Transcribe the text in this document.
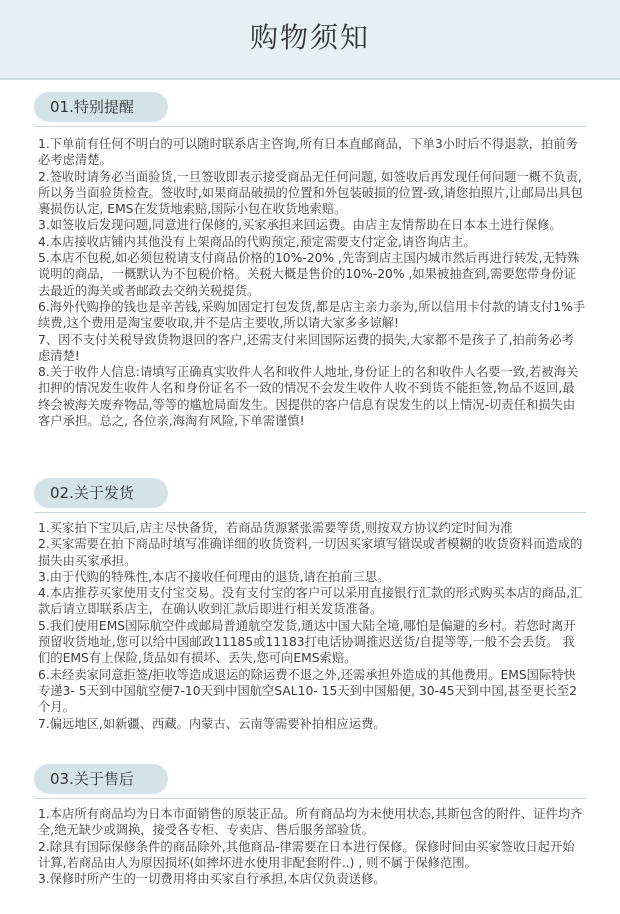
购物须知
01.特别提醒

1.下单前有任何不明白的可以随时联系店主咨询,所有日本直邮商品，下单3小时后不得退款，拍前务必考虑清楚。

2.签收时请务必当面验货,一旦签收即表示接受商品无任何问题, 如签收后再发现任何问题一概不负责,所以务当面验货检查。签收时,如果商品破损的位置和外包装破损的位置-致,请您拍照片,让邮局出具包裹损伤认定, EMS在发货地索赔,国际小包在收货地索赔。

3.如签收后发现问题,同意进行保修的,买家承担来回运费。由店主友情帮助在日本本土进行保修。

4.本店接收店铺内其他没有上架商品的代购预定,预定需要支付定金,请咨询店主。

5.本店不包税,如必须包税请支付商品价格的10%-20% ,先寄到店主国内城市然后再进行转发,无特殊说明的商品，一概默认为不包税价格。关税大概是售价的10%-20% ,如果被抽查到,需要您带身份证去最近的海关或者邮政去交纳关税提货。

6.海外代购挣的钱也是辛苦钱,采购加固定打包发货,都是店主亲力亲为,所以信用卡付款的请支付1%手续费,这个费用是淘宝要收取,并不是店主要收,所以请大家多多谅解!

7、因不支付关税导致货物退回的客户,还需支付来回国际运费的损失,大家都不是孩子了,拍前务必考虑清楚!

8.关于收件人信息:请填写正确真实收件人名和收件人地址,身份证上的名和收件人名要一致,若被海关扣押的情况发生收件人名和身份证名不一致的情况不会发生收件人收不到货不能拒签,物品不返回,最终会被海关废弃物品,等等的尴尬局面发生。因提供的客户信息有误发生的以上情况-切责任和损失由客户承担。总之, 各位亲,海淘有风险,下单需谨慎!

02.关于发货

1.买家拍下宝贝后,店主尽快备货，若商品货源紧张需要等货,则按双方协议约定时间为准

2.买家需要在拍下商品时填写准确详细的收货资料,一切因买家填写错误或者模糊的收货资料而造成的损失由买家承担。

3.由于代购的特殊性,本店不接收任何理由的退货,请在拍前三思。

4.本店推荐买家使用支付宝交易。没有支付宝的客户可以采用直接银行汇款的形式购买本店的商品,汇款后请立即联系店主，在确认收到汇款后即进行相关发货准备。

5.我们使用EMS国际航空件或邮局普通航空发货,通达中国大陆全境,哪怕是偏避的乡村。若您时离开预留收货地址,您可以给中国邮政11185或11183打电话协调推迟送货/自提等等,一般不会丢货。 我们的EMS有上保险,货品如有损坏、丢失,您可向EMS索赔。

6.未经卖家同意拒签/拒收等造成退运的除运费不退之外,还需承担外造成的其他费用。EMS国际特快专递3- 5天到中国航空便7-10天到中国航空SAL10- 15天到中国船便, 30-45天到中国,甚至更长至2个月。

7.偏远地区,如新疆、西藏。内蒙古、云南等需要补拍相应运费。

03.关于售后

1.本店所有商品均为日本市面销售的原装正品。所有商品均为未使用状态,其斯包含的附件、证件均齐全,绝无缺少或调换，接受各专柜、专卖店、售后服务部验货。

2.除具有国际保修条件的商品除外,其他商品-律需要在日本进行保修。保修时间由买家签收日起开始计算,若商品由人为原因损坏(如摔坏进水使用非配套附件..) , 则不属于保修范围。

3.保修时所产生的一切费用将由买家自行承担,本店仅负责送修。
